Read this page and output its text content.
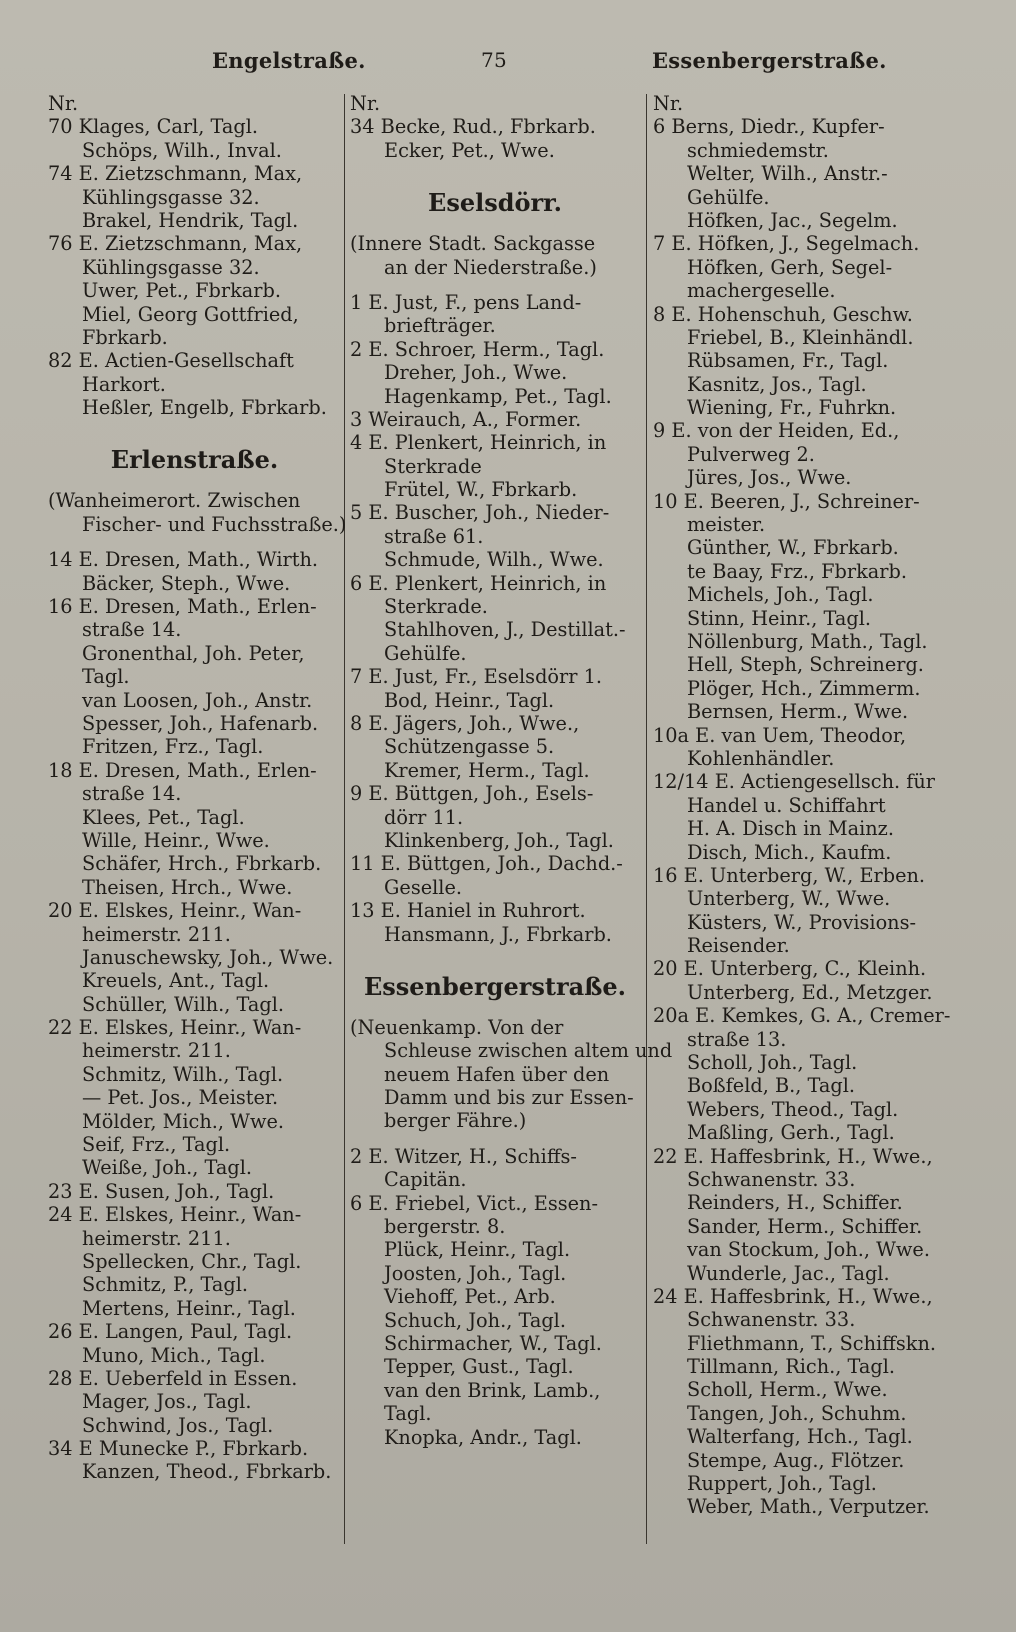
Engelstraße.	75	Essenbergerstraße.
Nr.
70 Klages, Carl, Tagl.
Schöps, Wilh., Inval.
74 E. Zietzschmann, Max,
Kühlingsgasse 32.
Brakel, Hendrik, Tagl.
76 E. Zietzschmann, Max,
Kühlingsgasse 32.
Uwer, Pet., Fbrkarb.
Miel, Georg Gottfried,
Fbrkarb.
82 E. Actien-Gesellschaft
Harkort.
Heßler, Engelb, Fbrkarb.
Erlenstraße.
(Wanheimerort. Zwischen
Fischer- und Fuchsstraße.)
14 E. Dresen, Math., Wirth.
Bäcker, Steph., Wwe.
16 E. Dresen, Math., Erlen-
straße 14.
Gronenthal, Joh. Peter,
Tagl.
van Loosen, Joh., Anstr.
Spesser, Joh., Hafenarb.
Fritzen, Frz., Tagl.
18 E. Dresen, Math., Erlen-
straße 14.
Klees, Pet., Tagl.
Wille, Heinr., Wwe.
Schäfer, Hrch., Fbrkarb.
Theisen, Hrch., Wwe.
20 E. Elskes, Heinr., Wan-
heimerstr. 211.
Januschewsky, Joh., Wwe.
Kreuels, Ant., Tagl.
Schüller, Wilh., Tagl.
22 E. Elskes, Heinr., Wan-
heimerstr. 211.
Schmitz, Wilh., Tagl.
— Pet. Jos., Meister.
Mölder, Mich., Wwe.
Seif, Frz., Tagl.
Weiße, Joh., Tagl.
23 E. Susen, Joh., Tagl.
24 E. Elskes, Heinr., Wan-
heimerstr. 211.
Spellecken, Chr., Tagl.
Schmitz, P., Tagl.
Mertens, Heinr., Tagl.
26 E. Langen, Paul, Tagl.
Muno, Mich., Tagl.
28 E. Ueberfeld in Essen.
Mager, Jos., Tagl.
Schwind, Jos., Tagl.
34 E Munecke P., Fbrkarb.
Kanzen, Theod., Fbrkarb.
Nr.
34 Becke, Rud., Fbrkarb.
Ecker, Pet., Wwe.
Eselsdörr.
(Innere Stadt. Sackgasse
an der Niederstraße.)
1 E. Just, F., pens Land-
briefträger.
2 E. Schroer, Herm., Tagl.
Dreher, Joh., Wwe.
Hagenkamp, Pet., Tagl.
3 Weirauch, A., Former.
4 E. Plenkert, Heinrich, in
Sterkrade
Frütel, W., Fbrkarb.
5 E. Buscher, Joh., Nieder-
straße 61.
Schmude, Wilh., Wwe.
6 E. Plenkert, Heinrich, in
Sterkrade.
Stahlhoven, J., Destillat.-
Gehülfe.
7 E. Just, Fr., Eselsdörr 1.
Bod, Heinr., Tagl.
8 E. Jägers, Joh., Wwe.,
Schützengasse 5.
Kremer, Herm., Tagl.
9 E. Büttgen, Joh., Esels-
dörr 11.
Klinkenberg, Joh., Tagl.
11 E. Büttgen, Joh., Dachd.-
Geselle.
13 E. Haniel in Ruhrort.
Hansmann, J., Fbrkarb.
Essenbergerstraße.
(Neuenkamp. Von der
Schleuse zwischen altem und
neuem Hafen über den
Damm und bis zur Essen-
berger Fähre.)
2 E. Witzer, H., Schiffs-
Capitän.
6 E. Friebel, Vict., Essen-
bergerstr. 8.
Plück, Heinr., Tagl.
Joosten, Joh., Tagl.
Viehoff, Pet., Arb.
Schuch, Joh., Tagl.
Schirmacher, W., Tagl.
Tepper, Gust., Tagl.
van den Brink, Lamb.,
Tagl.
Knopka, Andr., Tagl.
Nr.
6 Berns, Diedr., Kupfer-
schmiedemstr.
Welter, Wilh., Anstr.-
Gehülfe.
Höfken, Jac., Segelm.
7 E. Höfken, J., Segelmach.
Höfken, Gerh, Segel-
machergeselle.
8 E. Hohenschuh, Geschw.
Friebel, B., Kleinhändl.
Rübsamen, Fr., Tagl.
Kasnitz, Jos., Tagl.
Wiening, Fr., Fuhrkn.
9 E. von der Heiden, Ed.,
Pulverweg 2.
Jüres, Jos., Wwe.
10 E. Beeren, J., Schreiner-
meister.
Günther, W., Fbrkarb.
te Baay, Frz., Fbrkarb.
Michels, Joh., Tagl.
Stinn, Heinr., Tagl.
Nöllenburg, Math., Tagl.
Hell, Steph, Schreinerg.
Plöger, Hch., Zimmerm.
Bernsen, Herm., Wwe.
10a E. van Uem, Theodor,
Kohlenhändler.
12/14 E. Actiengesellsch. für
Handel u. Schiffahrt
H. A. Disch in Mainz.
Disch, Mich., Kaufm.
16 E. Unterberg, W., Erben.
Unterberg, W., Wwe.
Küsters, W., Provisions-
Reisender.
20 E. Unterberg, C., Kleinh.
Unterberg, Ed., Metzger.
20a E. Kemkes, G. A., Cremer-
straße 13.
Scholl, Joh., Tagl.
Boßfeld, B., Tagl.
Webers, Theod., Tagl.
Maßling, Gerh., Tagl.
22 E. Haffesbrink, H., Wwe.,
Schwanenstr. 33.
Reinders, H., Schiffer.
Sander, Herm., Schiffer.
van Stockum, Joh., Wwe.
Wunderle, Jac., Tagl.
24 E. Haffesbrink, H., Wwe.,
Schwanenstr. 33.
Fliethmann, T., Schiffskn.
Tillmann, Rich., Tagl.
Scholl, Herm., Wwe.
Tangen, Joh., Schuhm.
Walterfang, Hch., Tagl.
Stempe, Aug., Flötzer.
Ruppert, Joh., Tagl.
Weber, Math., Verputzer.
